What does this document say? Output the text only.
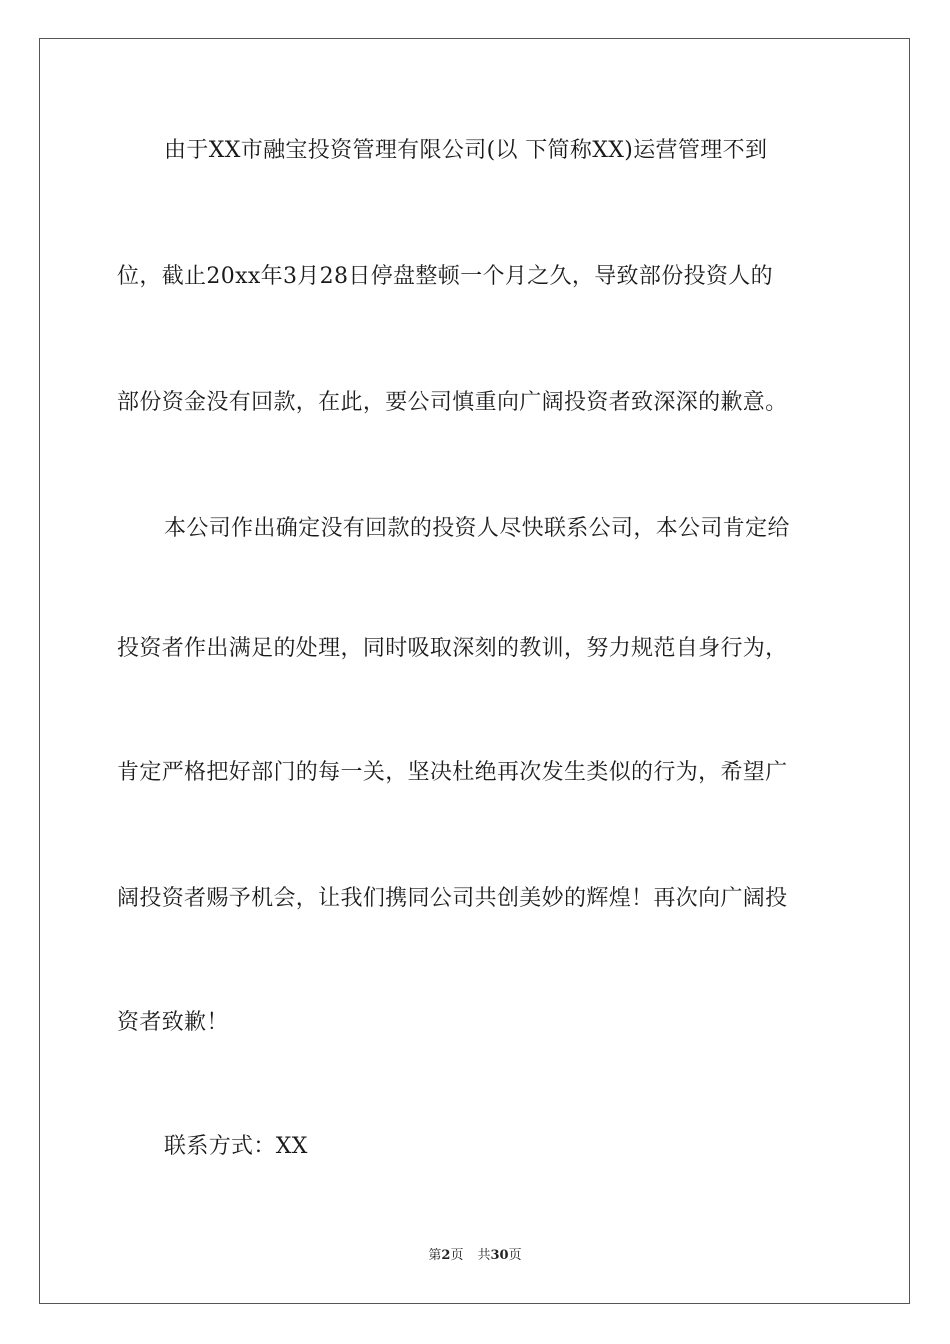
由于XX市融宝投资管理有限公司(以 下简称XX)运营管理不到
位，截止20xx年3月28日停盘整顿一个月之久，导致部份投资人的
部份资金没有回款，在此，要公司慎重向广阔投资者致深深的歉意。
本公司作出确定没有回款的投资人尽快联系公司，本公司肯定给
投资者作出满足的处理，同时吸取深刻的教训，努力规范自身行为，
肯定严格把好部门的每一关，坚决杜绝再次发生类似的行为，希望广
阔投资者赐予机会，让我们携同公司共创美妙的辉煌！再次向广阔投
资者致歉！
联系方式：XX
第2页 共30页
